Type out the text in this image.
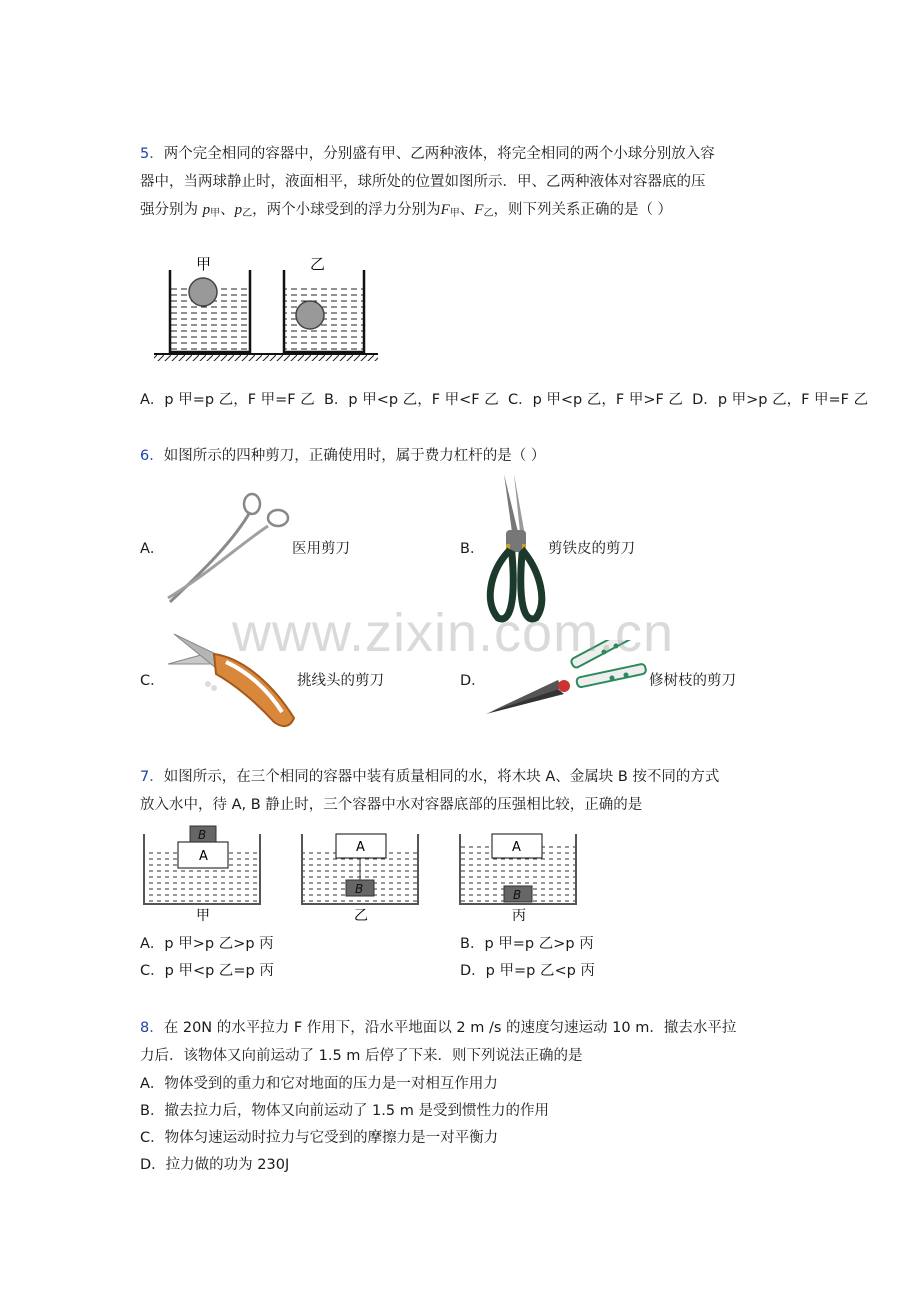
5．两个完全相同的容器中，分别盛有甲、乙两种液体，将完全相同的两个小球分别放入容
器中，当两球静止时，液面相平，球所处的位置如图所示．甲、乙两种液体对容器底的压
强分别为 $p_甲$、$p_乙$，两个小球受到的浮力分别为$F_甲$、$F_乙$，则下列关系正确的是（ ）
甲	乙
A．p 甲=p 乙，F 甲=F 乙 B．p 甲<p 乙，F 甲<F 乙 C．p 甲<p 乙，F 甲>F 乙 D．p 甲>p 乙，F 甲=F 乙
6．如图所示的四种剪刀，正确使用时，属于费力杠杆的是（ ）
A．	医用剪刀	B．	剪铁皮的剪刀
C．	挑线头的剪刀	D．	修树枝的剪刀
www.zixin.com.cn
7．如图所示，在三个相同的容器中装有质量相同的水，将木块 A、金属块 B 按不同的方式
放入水中，待 A, B 静止时，三个容器中水对容器底部的压强相比较，正确的是
A
B
甲
A
B
乙
A
B
丙
A．p 甲>p 乙>p 丙	B．p 甲=p 乙>p 丙
C．p 甲<p 乙=p 丙	D．p 甲=p 乙<p 丙
8．在 20N 的水平拉力 F 作用下，沿水平地面以 2 m /s 的速度匀速运动 10 m．撤去水平拉
力后．该物体又向前运动了 1.5 m 后停了下来．则下列说法正确的是
A．物体受到的重力和它对地面的压力是一对相互作用力
B．撤去拉力后，物体又向前运动了 1.5 m 是受到惯性力的作用
C．物体匀速运动时拉力与它受到的摩擦力是一对平衡力
D．拉力做的功为 230J
